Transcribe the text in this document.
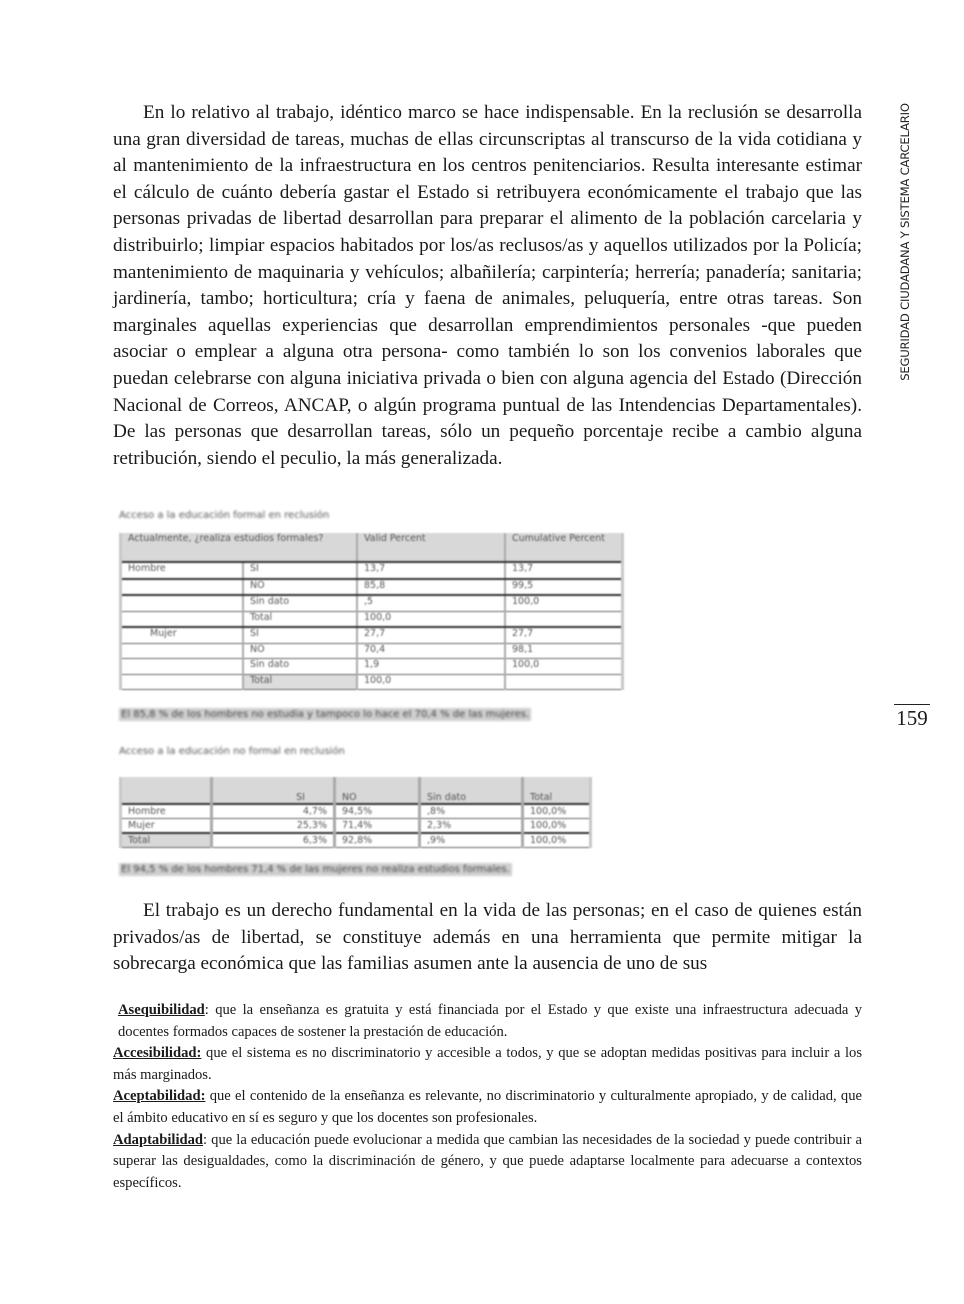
En lo relativo al trabajo, idéntico marco se hace indispensable. En la reclusión se desarrolla una gran diversidad de tareas, muchas de ellas circunscriptas al transcurso de la vida cotidiana y al mantenimiento de la infraestructura en los centros penitenciarios. Resulta interesante estimar el cálculo de cuánto debería gastar el Estado si retribuyera económicamente el trabajo que las personas privadas de libertad desarrollan para preparar el alimento de la población carcelaria y distribuirlo; limpiar espacios habitados por los/as reclusos/as y aquellos utilizados por la Policía; mantenimiento de maquinaria y vehículos; albañilería; carpintería; herrería; panadería; sanitaria; jardinería, tambo; horticultura; cría y faena de animales, peluquería, entre otras tareas. Son marginales aquellas experiencias que desarrollan emprendimientos personales -que pueden asociar o emplear a alguna otra persona- como también lo son los convenios laborales que puedan celebrarse con alguna iniciativa privada o bien con alguna agencia del Estado (Dirección Nacional de Correos, ANCAP, o algún programa puntual de las Intendencias Departamentales). De las personas que desarrollan tareas, sólo un pequeño porcentaje recibe a cambio alguna retribución, siendo el peculio, la más generalizada.

SEGURIDAD CIUDADANA Y SISTEMA CARCELARIO
159
Acceso a la educación formal en reclusión
Actualmente, ¿realiza estudios formales?		Valid Percent	Cumulative Percent
Hombre	SI	13,7	13,7
	NO	85,8	99,5
	Sin dato	,5	100,0
	Total	100,0	
Mujer	SI	27,7	27,7
	NO	70,4	98,1
	Sin dato	1,9	100,0
	Total	100,0	
El 85,8 % de los hombres no estudia y tampoco lo hace el 70,4 % de las mujeres.
Acceso a la educación no formal en reclusión
	SI	NO	Sin dato	Total
Hombre	4,7%	94,5%	,8%	100,0%
Mujer	25,3%	71,4%	2,3%	100,0%
Total	6,3%	92,8%	,9%	100,0%
El 94,5 % de los hombres 71,4 % de las mujeres no realiza estudios formales.

El trabajo es un derecho fundamental en la vida de las personas; en el caso de quienes están privados/as de libertad, se constituye además en una herramienta que permite mitigar la sobrecarga económica que las familias asumen ante la ausencia de uno de sus

Asequibilidad: que la enseñanza es gratuita y está financiada por el Estado y que existe una infraestructura adecuada y docentes formados capaces de sostener la prestación de educación.

Accesibilidad: que el sistema es no discriminatorio y accesible a todos, y que se adoptan medidas positivas para incluir a los más marginados.

Aceptabilidad: que el contenido de la enseñanza es relevante, no discriminatorio y culturalmente apropiado, y de calidad, que el ámbito educativo en sí es seguro y que los docentes son profesionales.

Adaptabilidad: que la educación puede evolucionar a medida que cambian las necesidades de la sociedad y puede contribuir a superar las desigualdades, como la discriminación de género, y que puede adaptarse localmente para adecuarse a contextos específicos.
